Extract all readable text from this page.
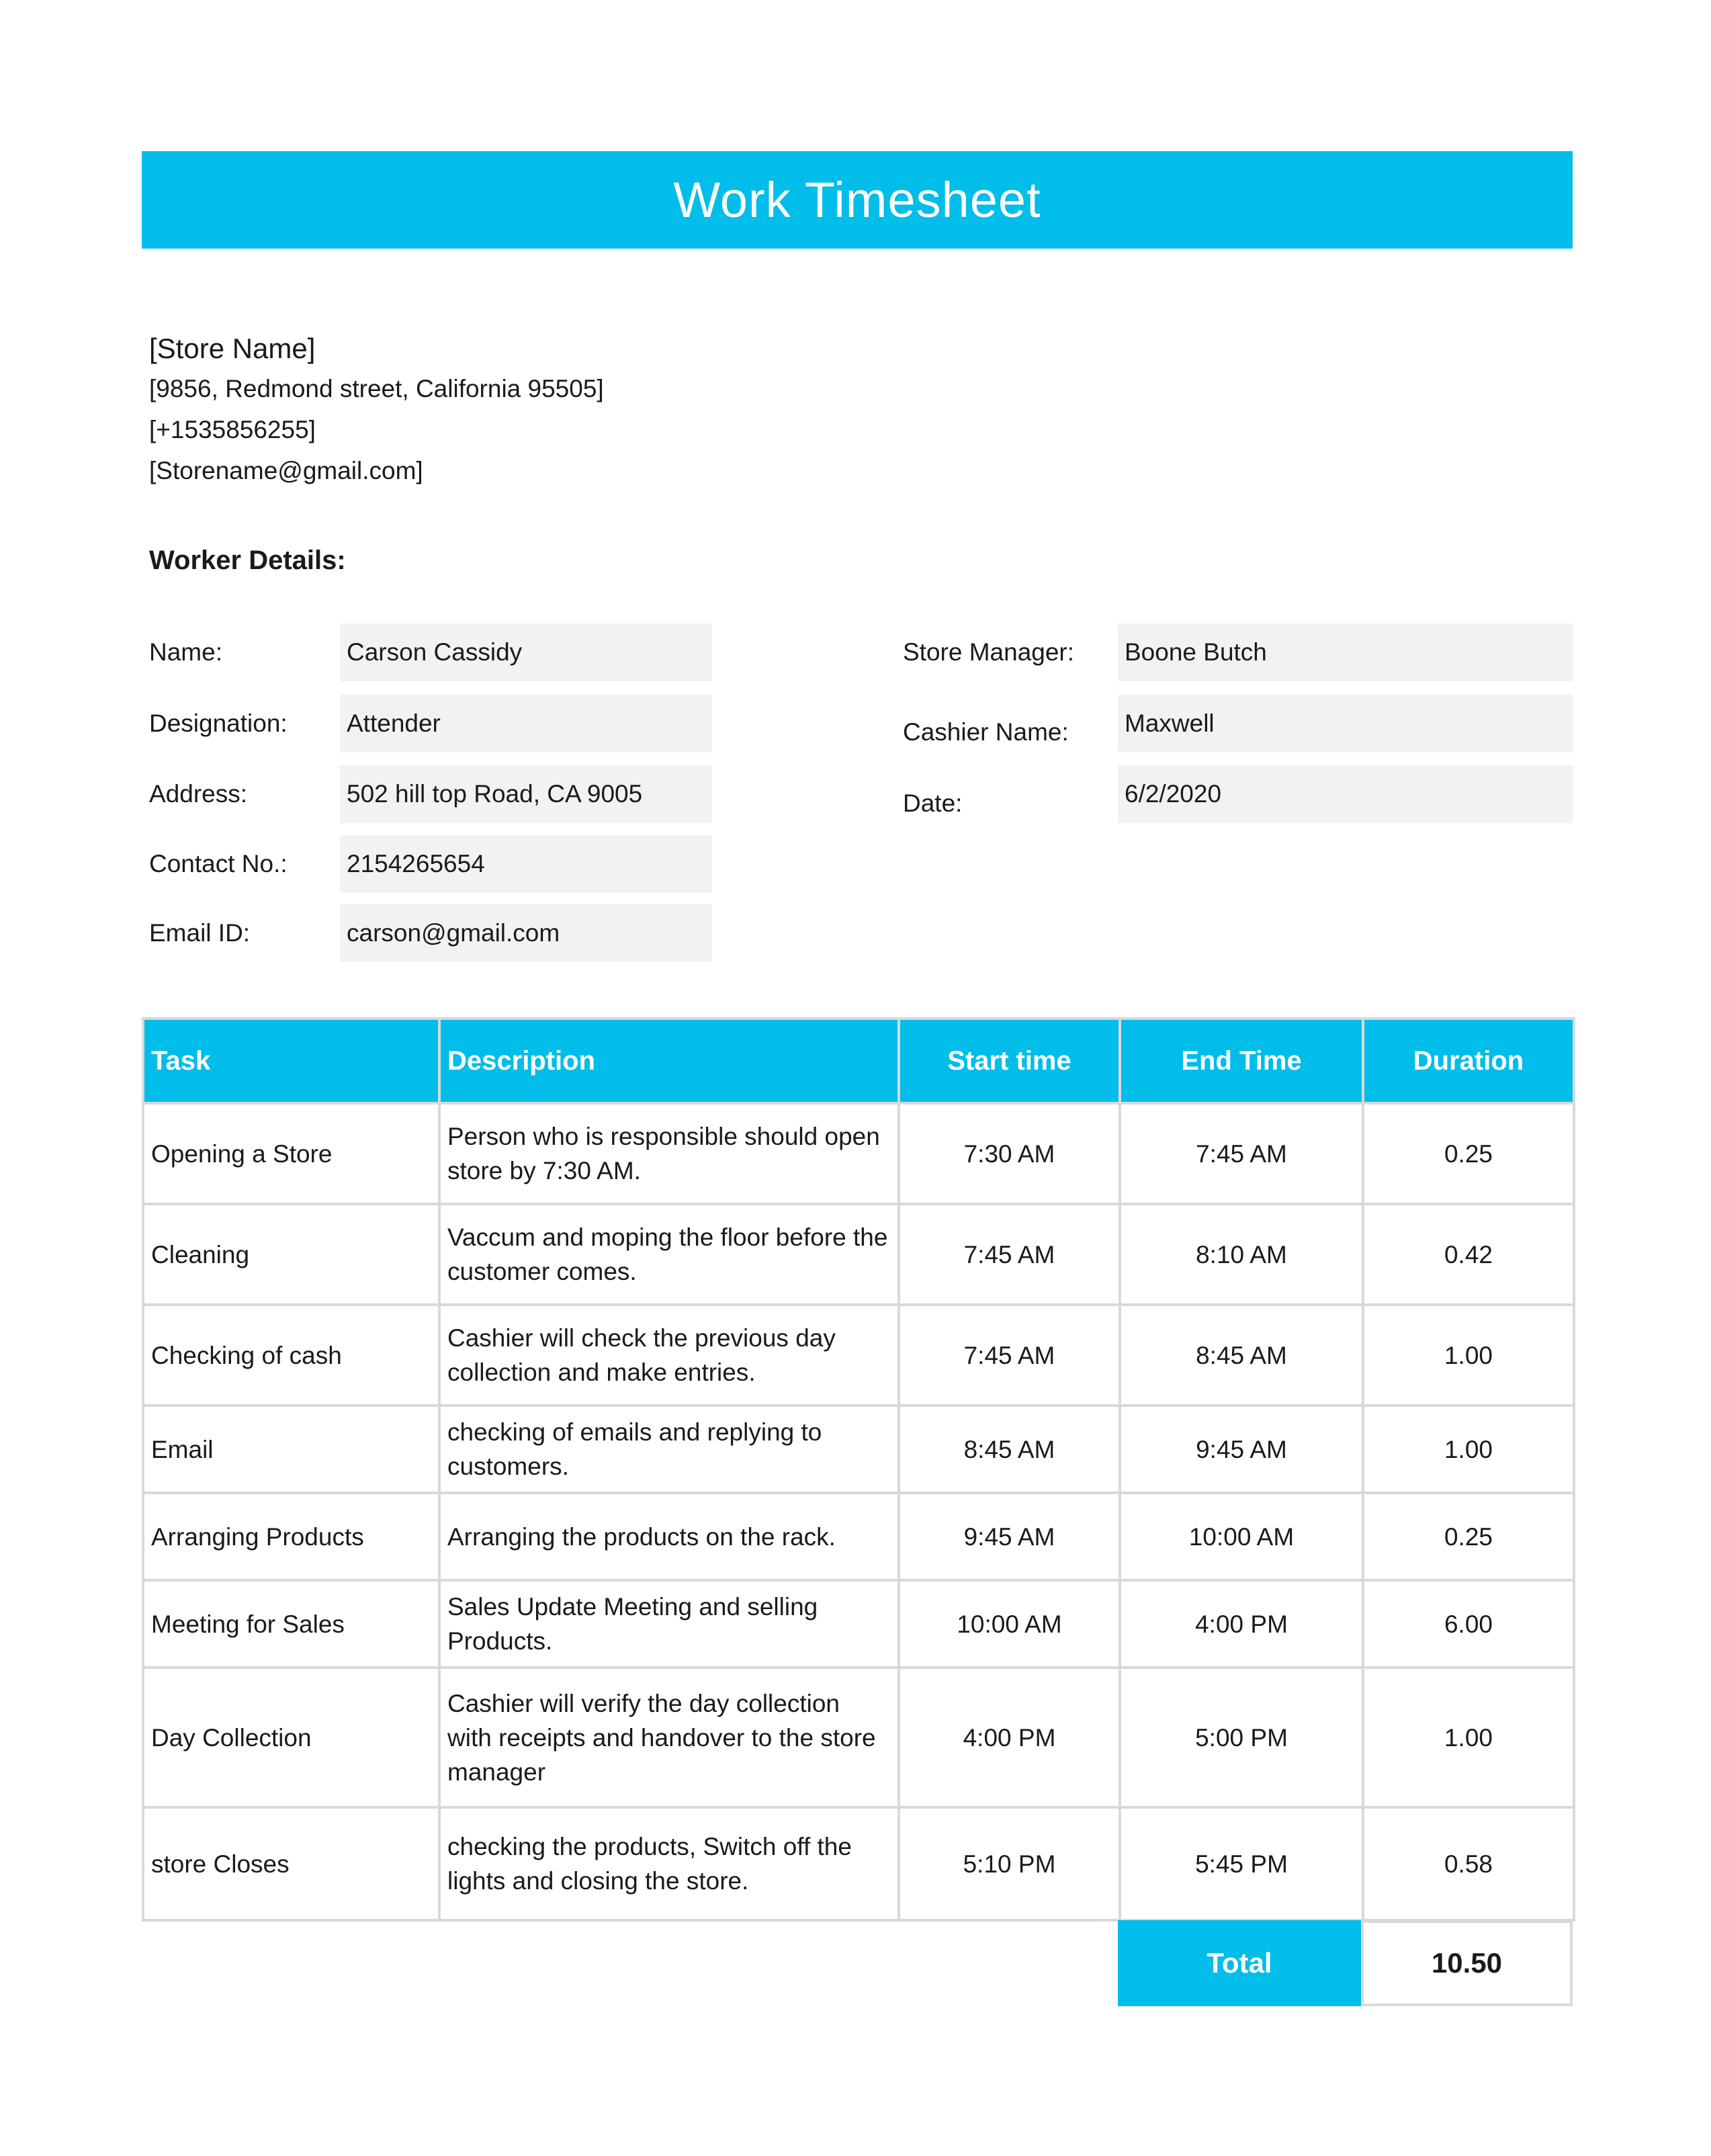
Work Timesheet
[Store Name]
[9856, Redmond street, California 95505]
[+1535856255]
[Storename@gmail.com]
Worker Details:
Name:	Carson Cassidy
Designation: Attender
Address:	502 hill top Road, CA 9005
Contact No.: 2154265654
Email ID:	carson@gmail.com
Store Manager: Boone Butch
Cashier Name: Maxwell
Date:	6/2/2020
Task	Description	Start time	End Time	Duration
Opening a Store	Person who is responsible should open store by 7:30 AM.	7:30 AM	7:45 AM	0.25
Cleaning	Vaccum and moping the floor before the customer comes.	7:45 AM	8:10 AM	0.42
Checking of cash	Cashier will check the previous day collection and make entries.	7:45 AM	8:45 AM	1.00
Email	checking of emails and replying to customers.	8:45 AM	9:45 AM	1.00
Arranging Products	Arranging the products on the rack.	9:45 AM	10:00 AM	0.25
Meeting for Sales	Sales Update Meeting and selling Products.	10:00 AM	4:00 PM	6.00
Day Collection	Cashier will verify the day collection with receipts and handover to the store manager	4:00 PM	5:00 PM	1.00
store Closes	checking the products, Switch off the lights and closing the store.	5:10 PM	5:45 PM	0.58
Total	10.50
